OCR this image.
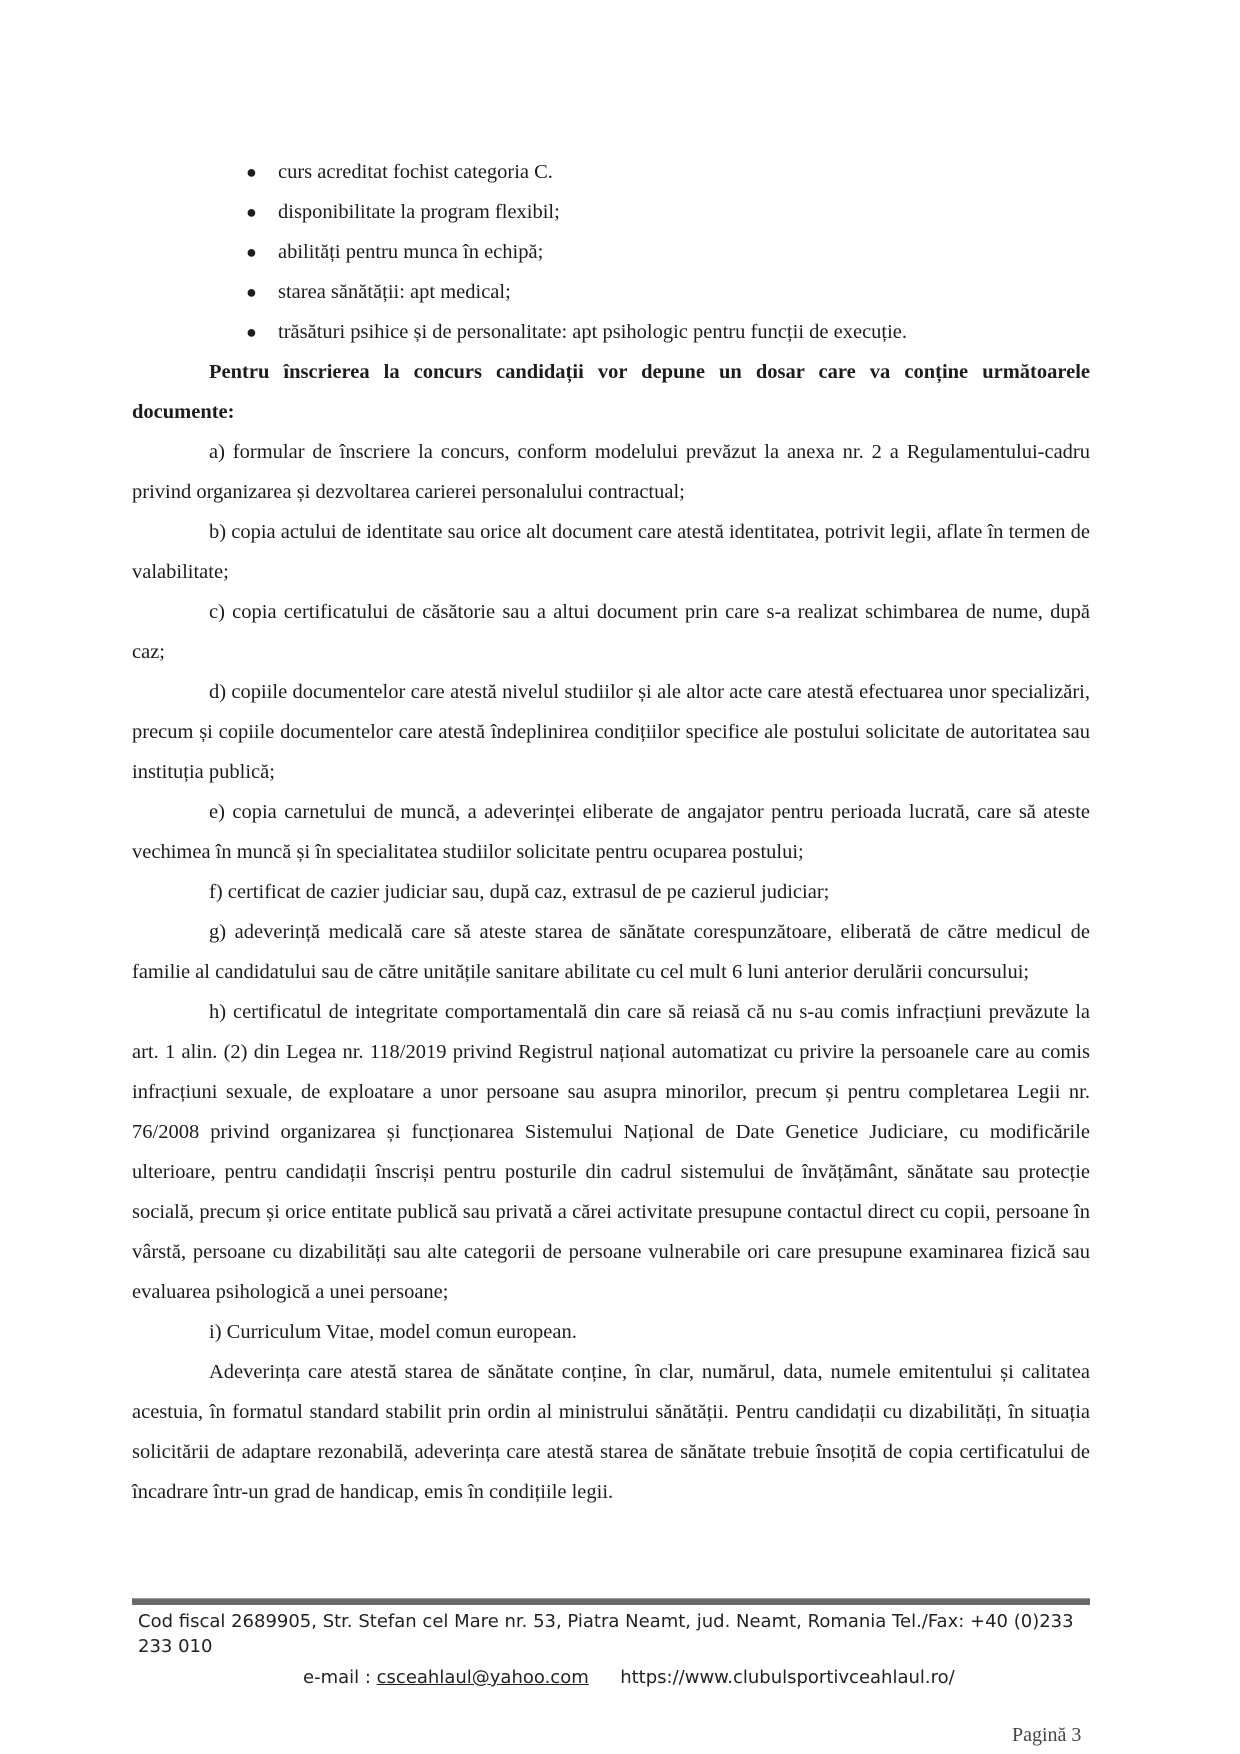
● curs acreditat fochist categoria C.
● disponibilitate la program flexibil;
● abilități pentru munca în echipă;
● starea sănătății: apt medical;
● trăsături psihice și de personalitate: apt psihologic pentru funcții de execuție.

Pentru înscrierea la concurs candidații vor depune un dosar care va conține următoarele documente:

a) formular de înscriere la concurs, conform modelului prevăzut la anexa nr. 2 a Regulamentului-cadru privind organizarea și dezvoltarea carierei personalului contractual;

b) copia actului de identitate sau orice alt document care atestă identitatea, potrivit legii, aflate în termen de valabilitate;

c) copia certificatului de căsătorie sau a altui document prin care s-a realizat schimbarea de nume, după caz;

d) copiile documentelor care atestă nivelul studiilor și ale altor acte care atestă efectuarea unor specializări, precum și copiile documentelor care atestă îndeplinirea condițiilor specifice ale postului solicitate de autoritatea sau instituția publică;

e) copia carnetului de muncă, a adeverinței eliberate de angajator pentru perioada lucrată, care să ateste vechimea în muncă și în specialitatea studiilor solicitate pentru ocuparea postului;

f) certificat de cazier judiciar sau, după caz, extrasul de pe cazierul judiciar;

g) adeverință medicală care să ateste starea de sănătate corespunzătoare, eliberată de către medicul de familie al candidatului sau de către unitățile sanitare abilitate cu cel mult 6 luni anterior derulării concursului;

h) certificatul de integritate comportamentală din care să reiasă că nu s-au comis infracțiuni prevăzute la art. 1 alin. (2) din Legea nr. 118/2019 privind Registrul național automatizat cu privire la persoanele care au comis infracțiuni sexuale, de exploatare a unor persoane sau asupra minorilor, precum și pentru completarea Legii nr. 76/2008 privind organizarea și funcționarea Sistemului Național de Date Genetice Judiciare, cu modificările ulterioare, pentru candidații înscriși pentru posturile din cadrul sistemului de învățământ, sănătate sau protecție socială, precum și orice entitate publică sau privată a cărei activitate presupune contactul direct cu copii, persoane în vârstă, persoane cu dizabilități sau alte categorii de persoane vulnerabile ori care presupune examinarea fizică sau evaluarea psihologică a unei persoane;

i) Curriculum Vitae, model comun european.

Adeverința care atestă starea de sănătate conține, în clar, numărul, data, numele emitentului și calitatea acestuia, în formatul standard stabilit prin ordin al ministrului sănătății. Pentru candidații cu dizabilități, în situația solicitării de adaptare rezonabilă, adeverința care atestă starea de sănătate trebuie însoțită de copia certificatului de încadrare într-un grad de handicap, emis în condițiile legii.

Cod fiscal 2689905, Str. Stefan cel Mare nr. 53, Piatra Neamt, jud. Neamt, Romania Tel./Fax: +40 (0)233 233 010
e-mail : csceahlaul@yahoo.com https://www.clubulsportivceahlaul.ro/
Pagină 3
